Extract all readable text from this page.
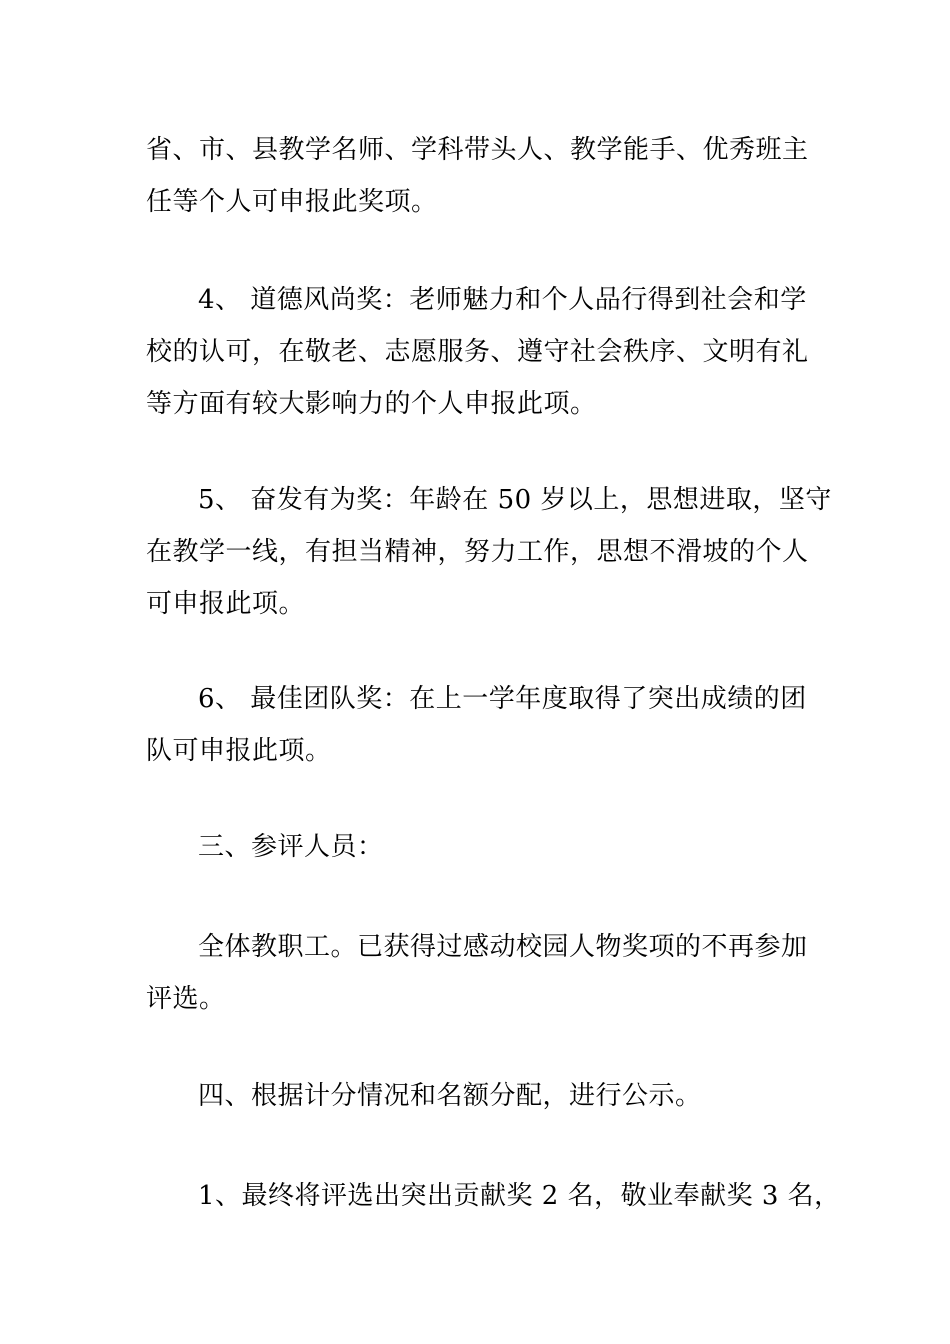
省、市、县教学名师、学科带头人、教学能手、优秀班主
任等个人可申报此奖项。
4、 道德风尚奖：老师魅力和个人品行得到社会和学
校的认可，在敬老、志愿服务、遵守社会秩序、文明有礼
等方面有较大影响力的个人申报此项。
5、 奋发有为奖：年龄在 50 岁以上，思想进取，坚守
在教学一线，有担当精神，努力工作，思想不滑坡的个人
可申报此项。
6、 最佳团队奖：在上一学年度取得了突出成绩的团
队可申报此项。
三、参评人员：
全体教职工。已获得过感动校园人物奖项的不再参加
评选。
四、根据计分情况和名额分配，进行公示。
1、最终将评选出突出贡献奖 2 名，敬业奉献奖 3 名，
